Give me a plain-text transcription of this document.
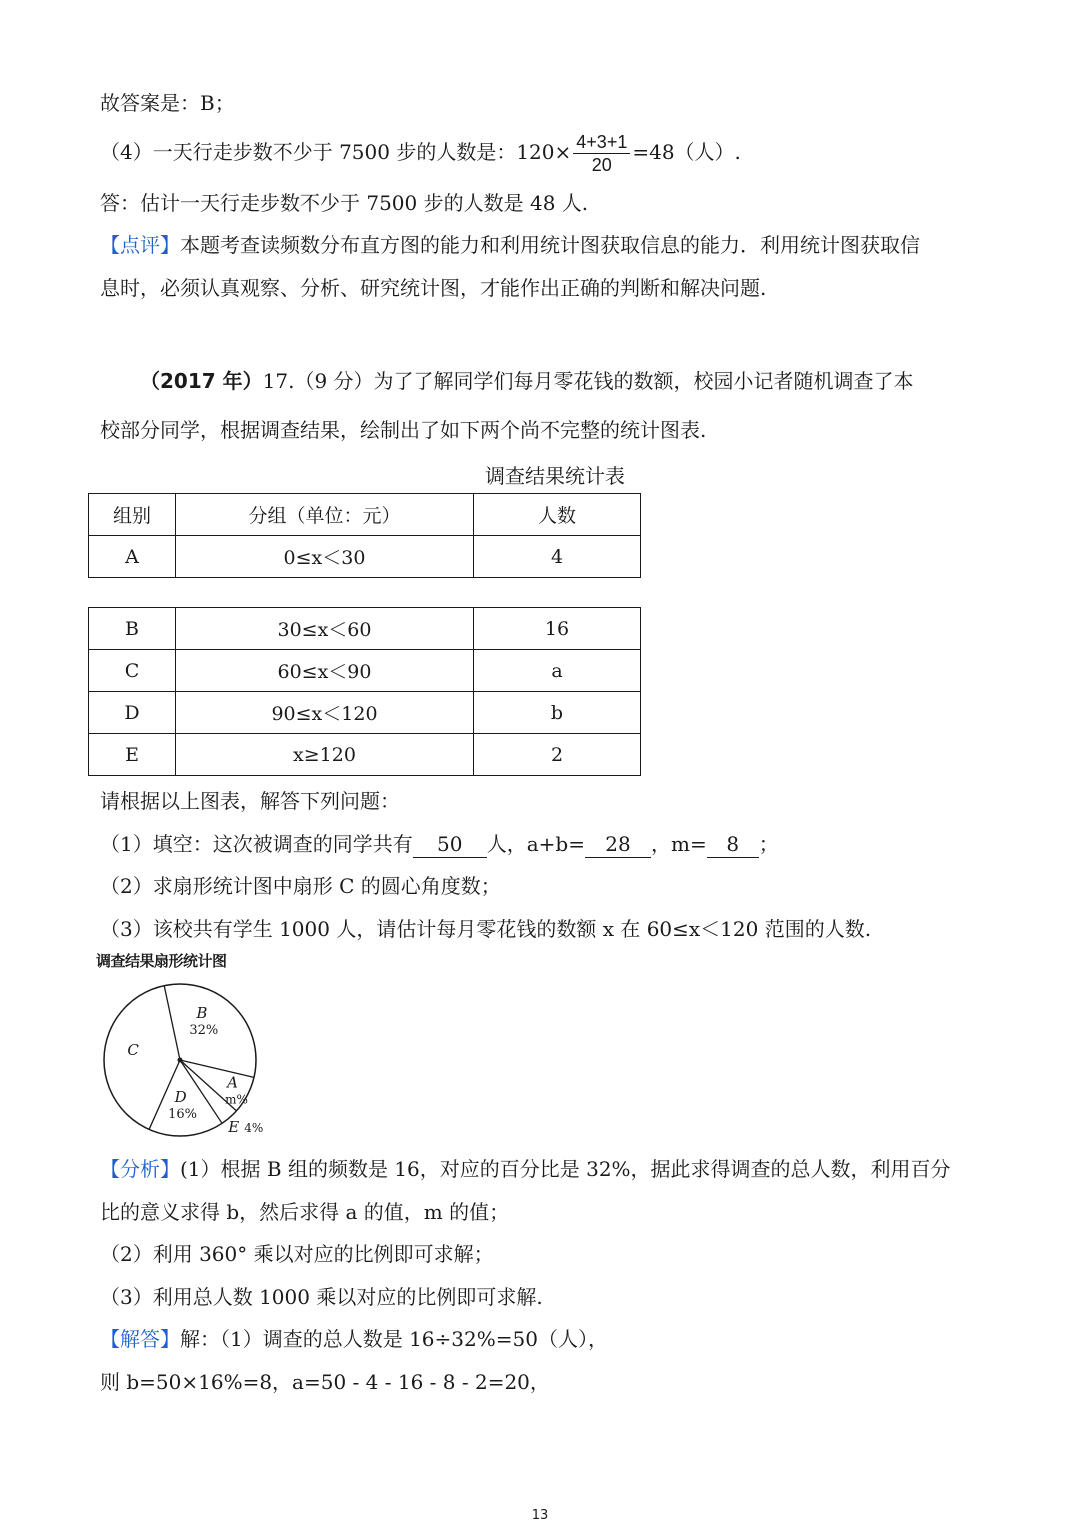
故答案是：B；
（4）一天行走步数不少于 7500 步的人数是：$120\times \frac{4+3+1}{20} =48$（人）.
答：估计一天行走步数不少于 7500 步的人数是 48 人.
【点评】本题考查读频数分布直方图的能力和利用统计图获取信息的能力．利用统计图获取信
息时，必须认真观察、分析、研究统计图，才能作出正确的判断和解决问题.
（2017 年）17.（9 分）为了了解同学们每月零花钱的数额，校园小记者随机调查了本
校部分同学，根据调查结果，绘制出了如下两个尚不完整的统计图表.
调查结果统计表
组别	分组（单位：元）	人数
A	0≤x＜30	4
B	30≤x＜60	16
C	60≤x＜90	a
D	90≤x＜120	b
E	x≥120	2
请根据以上图表，解答下列问题：
（1）填空：这次被调查的同学共有 50 人，a+b= 28 ，m= 8 ；
（2）求扇形统计图中扇形 C 的圆心角度数；
（3）该校共有学生 1000 人，请估计每月零花钱的数额 x 在 60≤x＜120 范围的人数.
调查结果扇形统计图
B
32%
A
m%
E 4%
D
16%
C
【分析】(1）根据 B 组的频数是 16，对应的百分比是 32%，据此求得调查的总人数，利用百分
比的意义求得 b，然后求得 a 的值，m 的值；
（2）利用 360° 乘以对应的比例即可求解；
（3）利用总人数 1000 乘以对应的比例即可求解.
【解答】解：（1）调查的总人数是 16÷32%=50（人），
则 b=50×16%=8，a=50 - 4 - 16 - 8 - 2=20，
13
